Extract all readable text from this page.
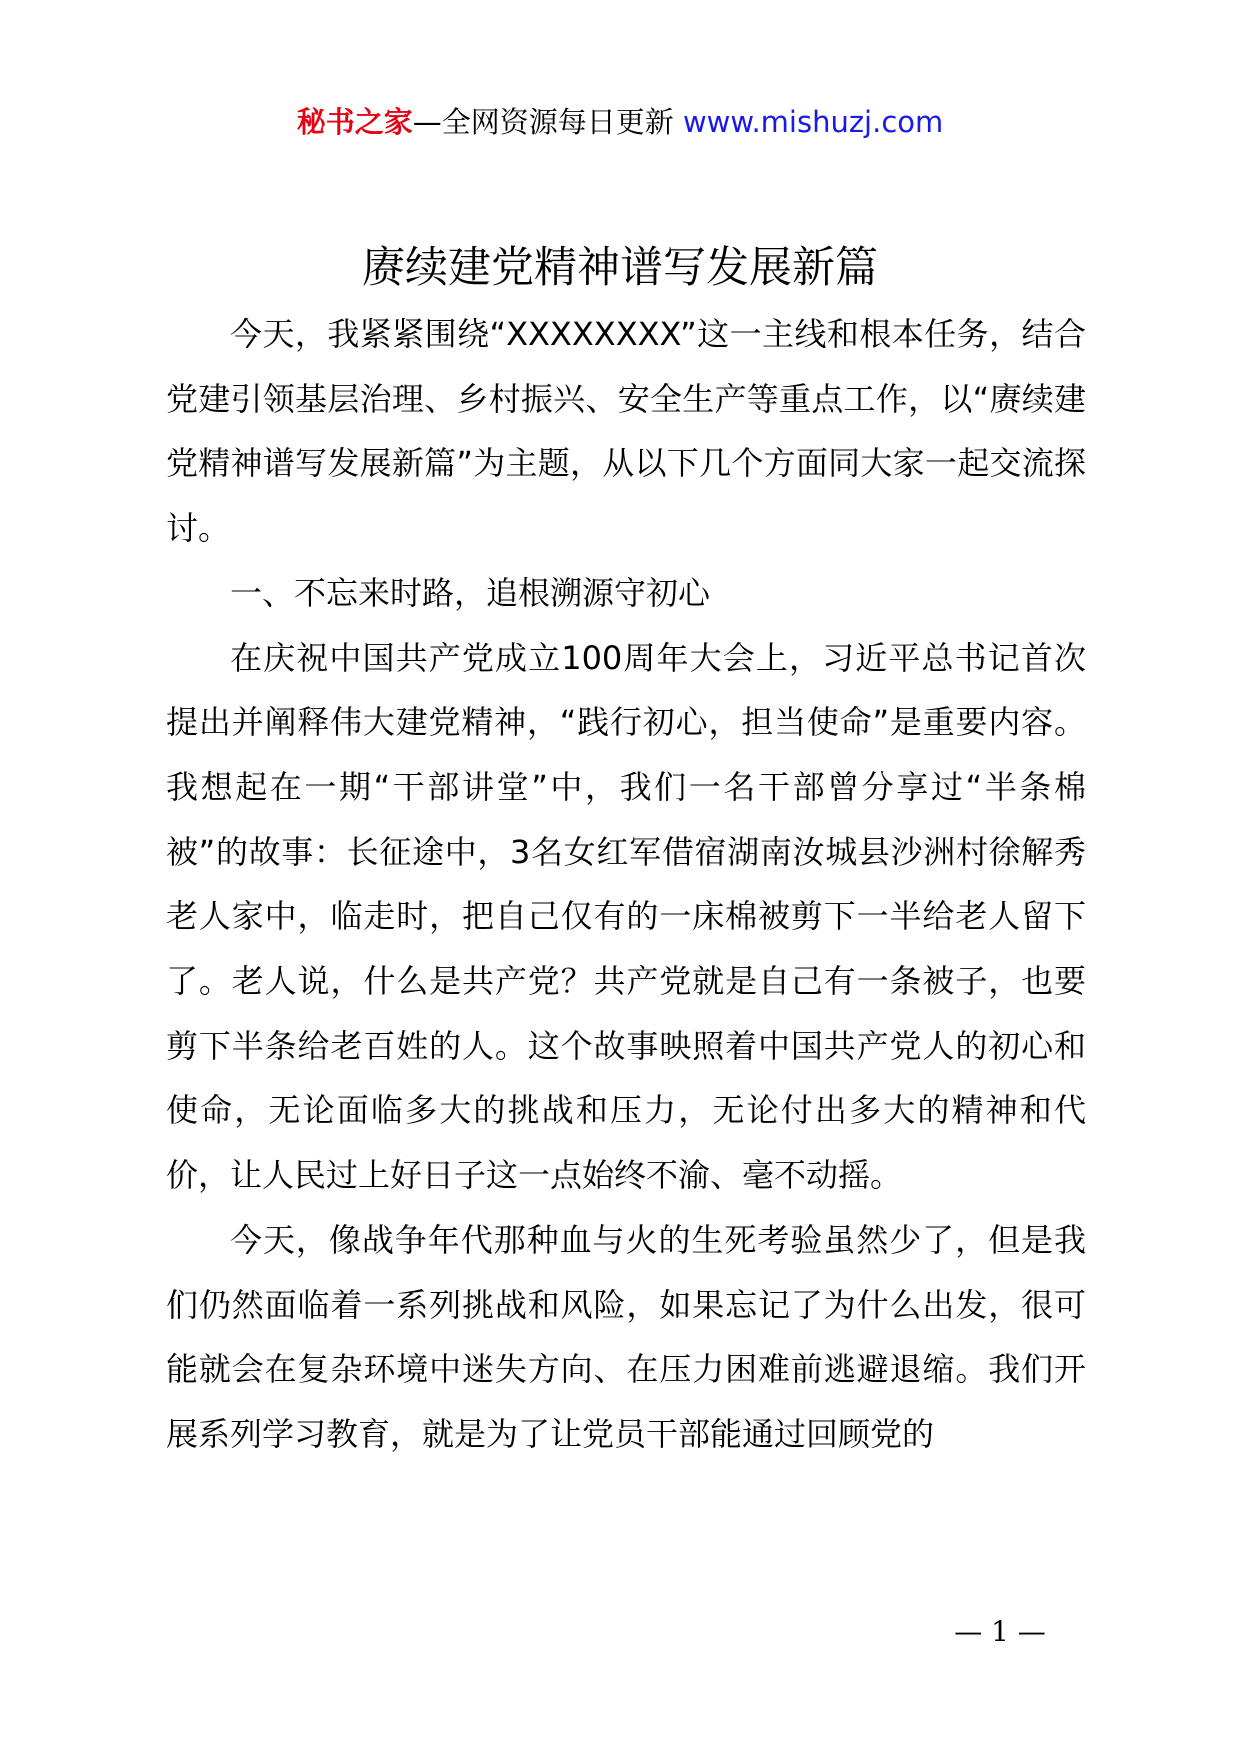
秘书之家—全网资源每日更新 www.mishuzj.com
赓续建党精神谱写发展新篇

今天，我紧紧围绕“XXXXXXXX”这一主线和根本任务，结合党建引领基层治理、乡村振兴、安全生产等重点工作，以“赓续建党精神谱写发展新篇”为主题，从以下几个方面同大家一起交流探讨。

一、不忘来时路，追根溯源守初心

在庆祝中国共产党成立100周年大会上，习近平总书记首次提出并阐释伟大建党精神，“践行初心，担当使命”是重要内容。我想起在一期“干部讲堂”中，我们一名干部曾分享过“半条棉被”的故事：长征途中，3名女红军借宿湖南汝城县沙洲村徐解秀老人家中，临走时，把自己仅有的一床棉被剪下一半给老人留下了。老人说，什么是共产党？共产党就是自己有一条被子，也要剪下半条给老百姓的人。这个故事映照着中国共产党人的初心和使命，无论面临多大的挑战和压力，无论付出多大的精神和代价，让人民过上好日子这一点始终不渝、毫不动摇。

今天，像战争年代那种血与火的生死考验虽然少了，但是我们仍然面临着一系列挑战和风险，如果忘记了为什么出发，很可能就会在复杂环境中迷失方向、在压力困难前逃避退缩。我们开展系列学习教育，就是为了让党员干部能通过回顾党的

— 1 —
